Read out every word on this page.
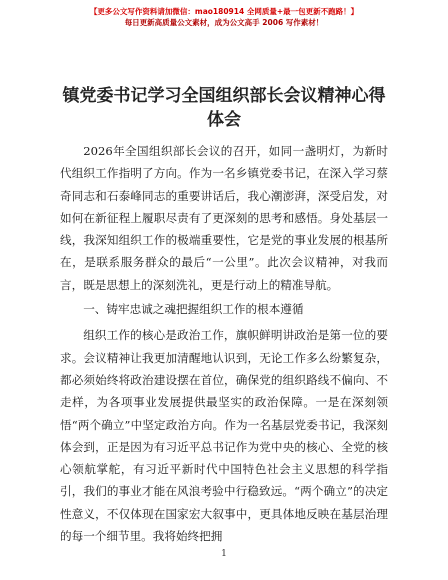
【更多公文写作资料请加微信：mao180914 全网质量+最一包更新不跑路！】
每日更新高质量公文素材，成为公文高手 2006 写作素材！
镇党委书记学习全国组织部长会议精神心得体会

2026年全国组织部长会议的召开，如同一盏明灯，为新时代组织工作指明了方向。作为一名乡镇党委书记，在深入学习蔡奇同志和石泰峰同志的重要讲话后，我心潮澎湃，深受启发，对如何在新征程上履职尽责有了更深刻的思考和感悟。身处基层一线，我深知组织工作的极端重要性，它是党的事业发展的根基所在，是联系服务群众的最后“一公里”。此次会议精神，对我而言，既是思想上的深刻洗礼，更是行动上的精准导航。

一、铸牢忠诚之魂把握组织工作的根本遵循

组织工作的核心是政治工作，旗帜鲜明讲政治是第一位的要求。会议精神让我更加清醒地认识到，无论工作多么纷繁复杂，都必须始终将政治建设摆在首位，确保党的组织路线不偏向、不走样，为各项事业发展提供最坚实的政治保障。一是在深刻领悟“两个确立”中坚定政治方向。作为一名基层党委书记，我深刻体会到，正是因为有习近平总书记作为党中央的核心、全党的核心领航掌舵，有习近平新时代中国特色社会主义思想的科学指引，我们的事业才能在风浪考验中行稳致远。“两个确立”的决定性意义，不仅体现在国家宏大叙事中，更具体地反映在基层治理的每一个细节里。我将始终把拥

1
